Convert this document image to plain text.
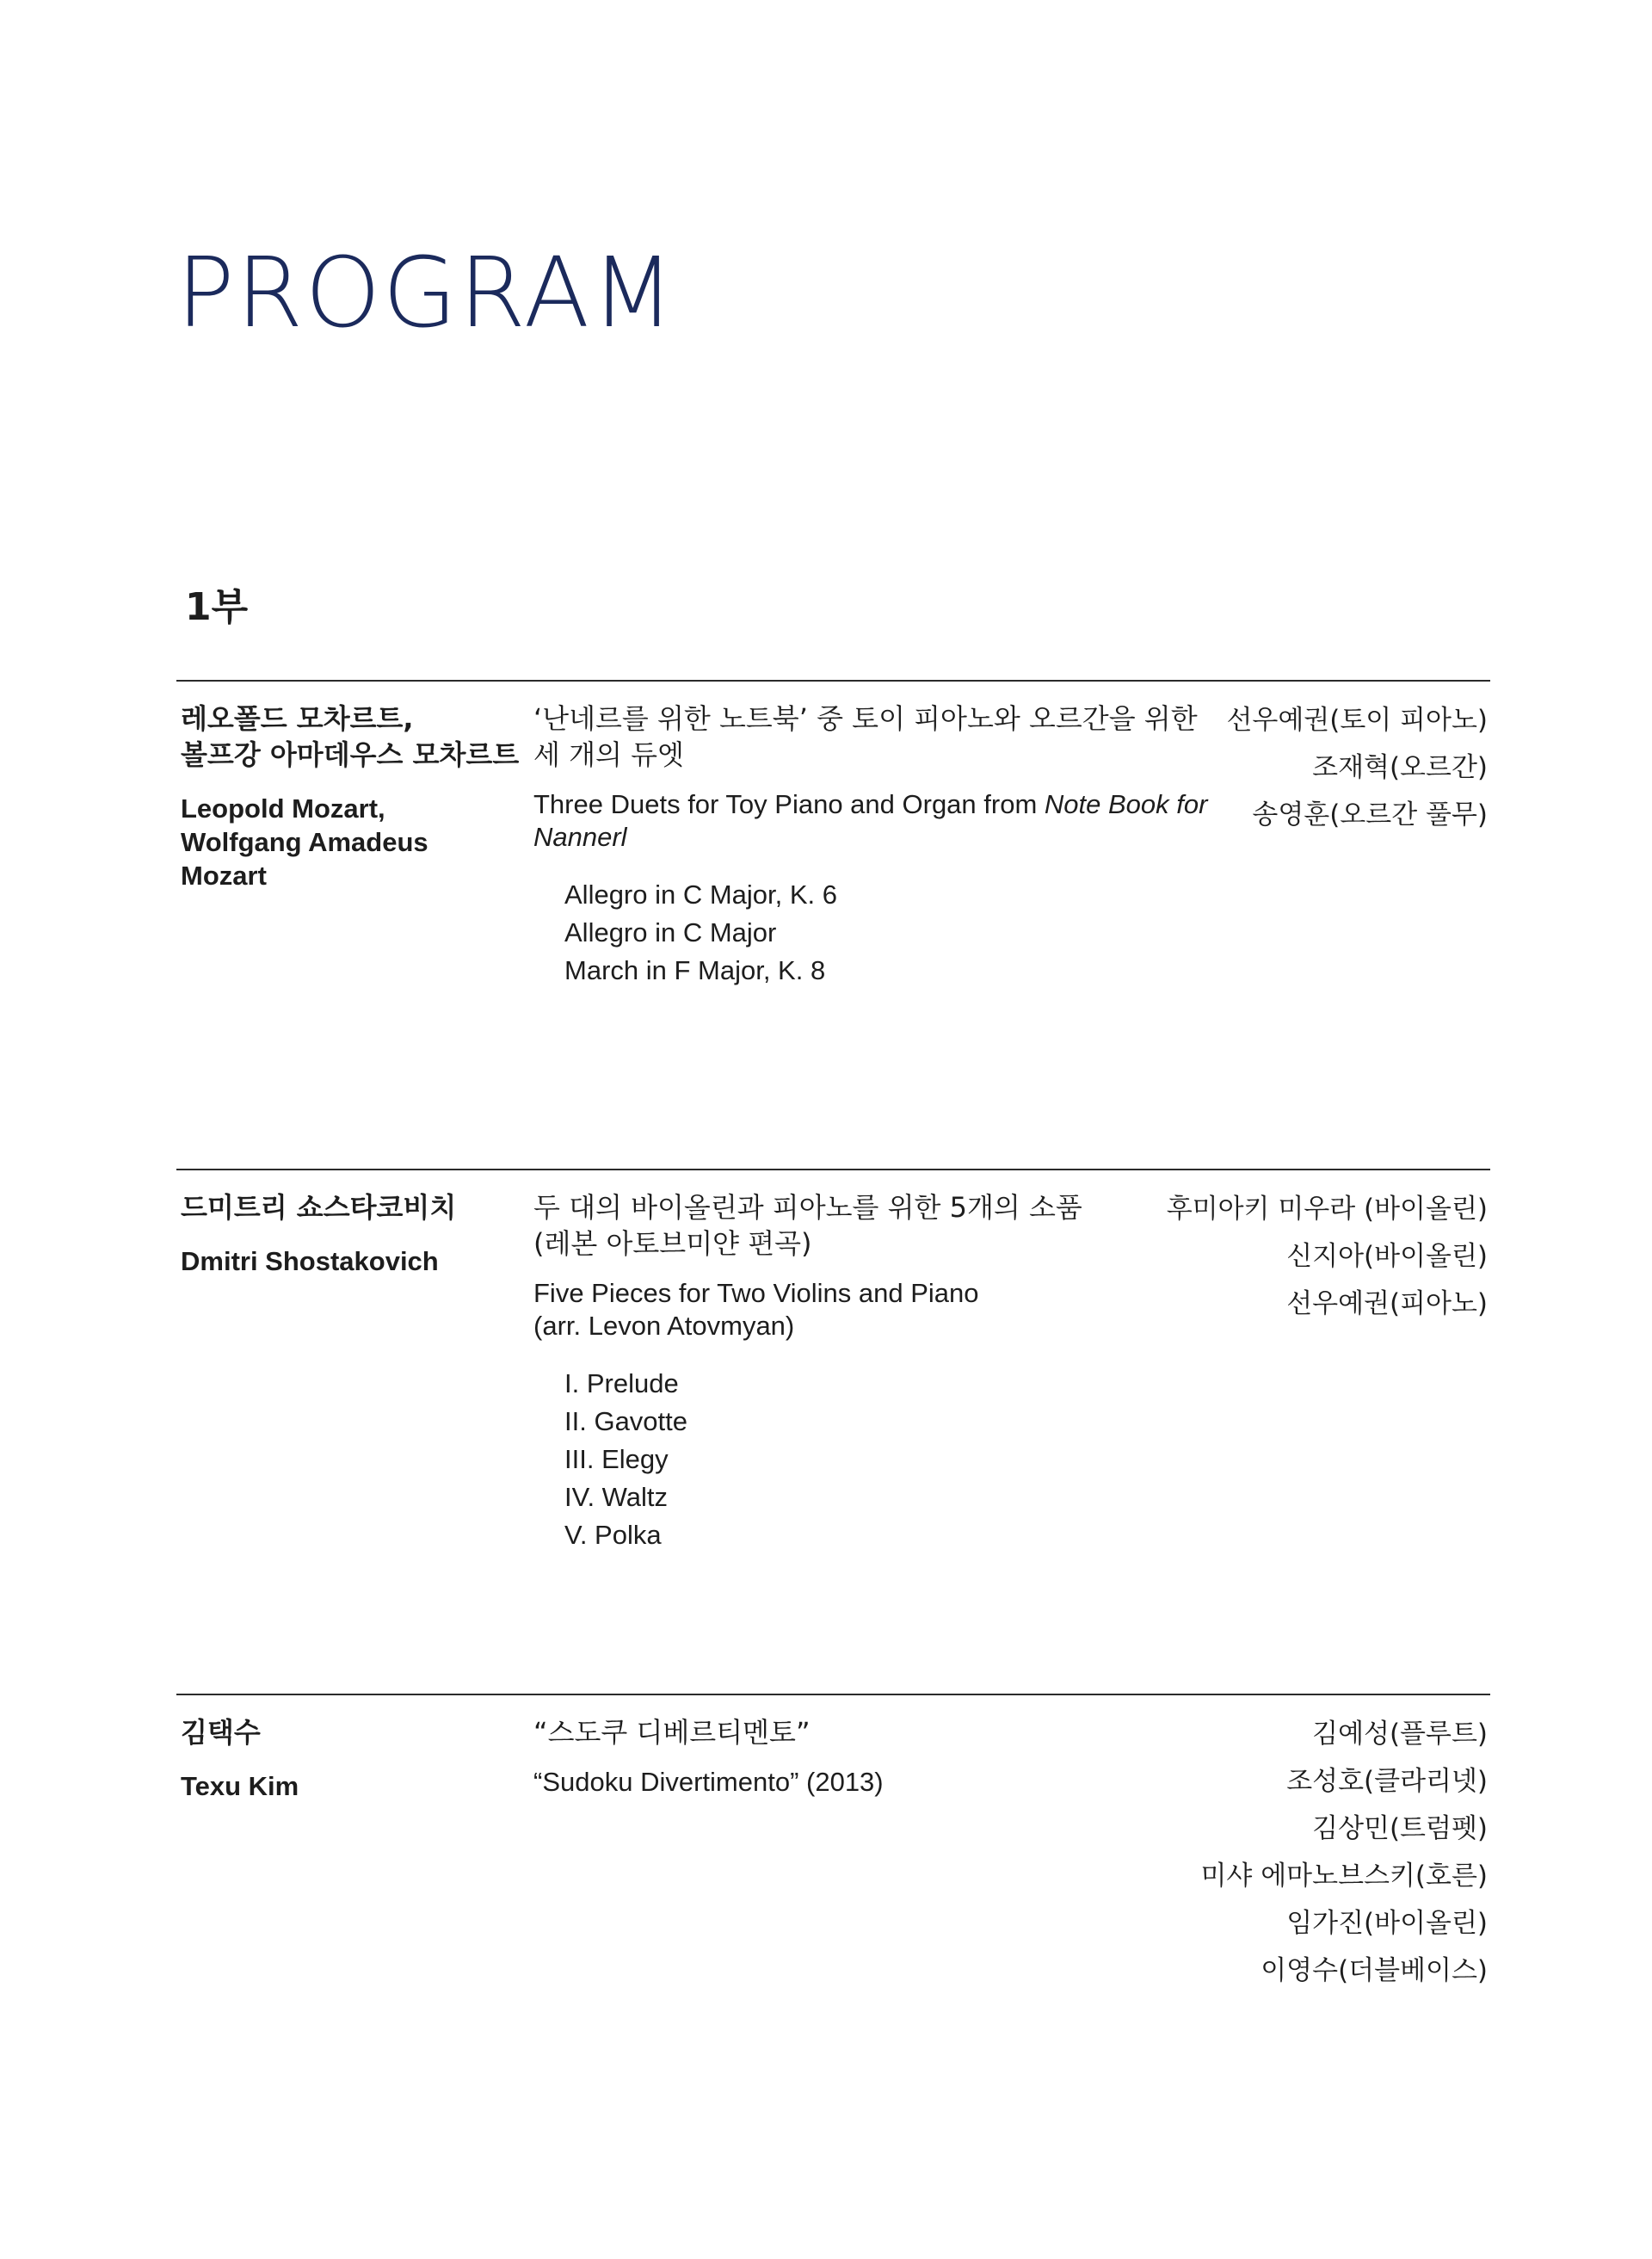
PROGRAM
1부
레오폴드 모차르트,
볼프강 아마데우스 모차르트
Leopold Mozart,
Wolfgang Amadeus
Mozart
‘난네르를 위한 노트북’ 중 토이 피아노와 오르간을 위한
세 개의 듀엣
Three Duets for Toy Piano and Organ from Note Book for Nannerl
Allegro in C Major, K. 6
Allegro in C Major
March in F Major, K. 8
선우예권(토이 피아노)
조재혁(오르간)
송영훈(오르간 풀무)
드미트리 쇼스타코비치
Dmitri Shostakovich
두 대의 바이올린과 피아노를 위한 5개의 소품
(레본 아토브미얀 편곡)
Five Pieces for Two Violins and Piano
(arr. Levon Atovmyan)
I. Prelude
II. Gavotte
III. Elegy
IV. Waltz
V. Polka
후미아키 미우라 (바이올린)
신지아(바이올린)
선우예권(피아노)
김택수
Texu Kim
“스도쿠 디베르티멘토”
“Sudoku Divertimento” (2013)
김예성(플루트)
조성호(클라리넷)
김상민(트럼펫)
미샤 에마노브스키(호른)
임가진(바이올린)
이영수(더블베이스)
